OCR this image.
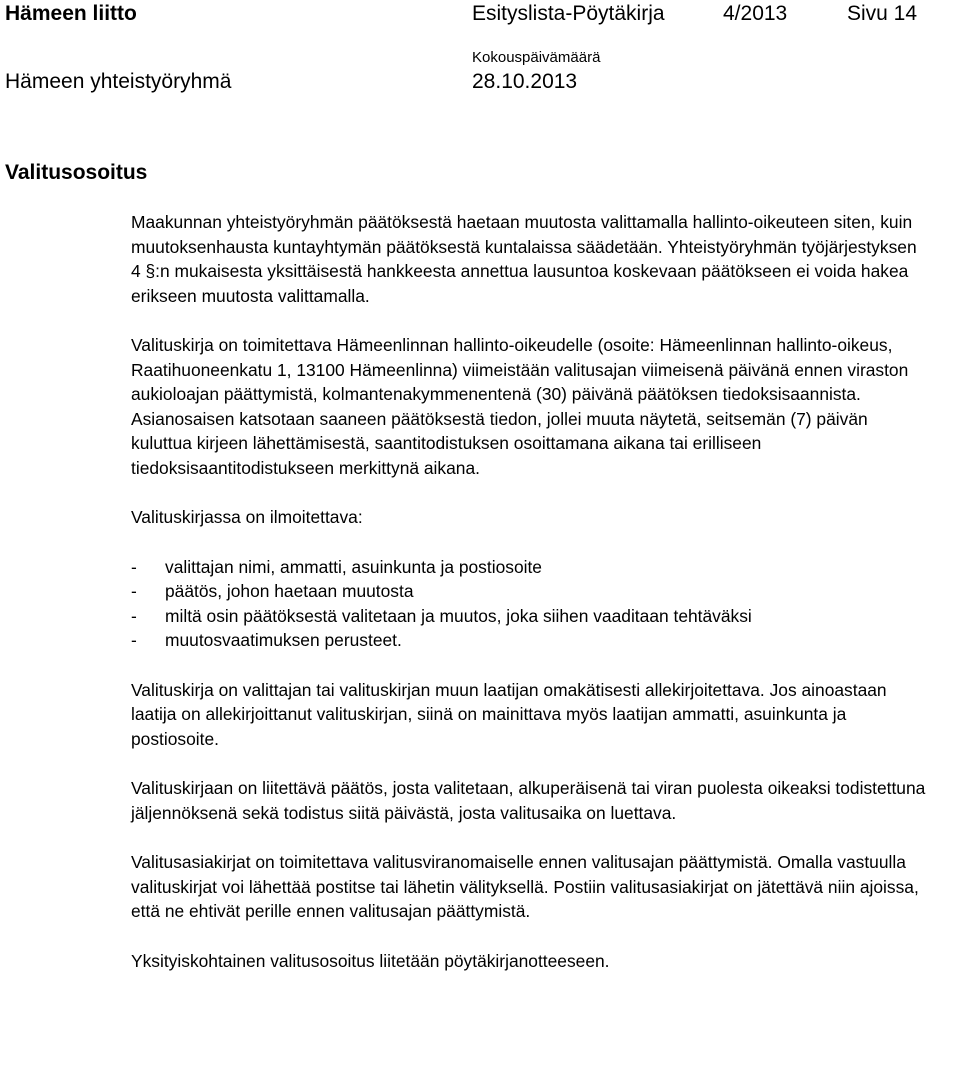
Hämeen liitto	Esityslista-Pöytäkirja	4/2013	Sivu 14
Kokouspäivämäärä
Hämeen yhteistyöryhmä	28.10.2013
Valitusosoitus

Maakunnan yhteistyöryhmän päätöksestä haetaan muutosta valittamalla hallinto-oikeuteen siten, kuin muutoksenhausta kuntayhtymän päätöksestä kuntalaissa säädetään. Yhteistyöryhmän työjärjestyksen 4 §:n mukaisesta yksittäisestä hankkeesta annettua lausuntoa koskevaan päätökseen ei voida hakea erikseen muutosta valittamalla.

Valituskirja on toimitettava Hämeenlinnan hallinto-oikeudelle (osoite: Hämeenlinnan hallinto-oikeus, Raatihuoneenkatu 1, 13100 Hämeenlinna) viimeistään valitusajan viimeisenä päivänä ennen viraston aukioloajan päättymistä, kolmantenakymmenentenä (30) päivänä päätöksen tiedoksisaannista. Asianosaisen katsotaan saaneen päätöksestä tiedon, jollei muuta näytetä, seitsemän (7) päivän kuluttua kirjeen lähettämisestä, saantitodistuksen osoittamana aikana tai erilliseen tiedoksisaantitodistukseen merkittynä aikana.

Valituskirjassa on ilmoitettava:

-	valittajan nimi, ammatti, asuinkunta ja postiosoite
-	päätös, johon haetaan muutosta
-	miltä osin päätöksestä valitetaan ja muutos, joka siihen vaaditaan tehtäväksi
-	muutosvaatimuksen perusteet.

Valituskirja on valittajan tai valituskirjan muun laatijan omakätisesti allekirjoitettava. Jos ainoastaan laatija on allekirjoittanut valituskirjan, siinä on mainittava myös laatijan ammatti, asuinkunta ja postiosoite.

Valituskirjaan on liitettävä päätös, josta valitetaan, alkuperäisenä tai viran puolesta oikeaksi todistettuna jäljennöksenä sekä todistus siitä päivästä, josta valitusaika on luettava.

Valitusasiakirjat on toimitettava valitusviranomaiselle ennen valitusajan päättymistä. Omalla vastuulla valituskirjat voi lähettää postitse tai lähetin välityksellä. Postiin valitusasiakirjat on jätettävä niin ajoissa, että ne ehtivät perille ennen valitusajan päättymistä.

Yksityiskohtainen valitusosoitus liitetään pöytäkirjanotteeseen.
